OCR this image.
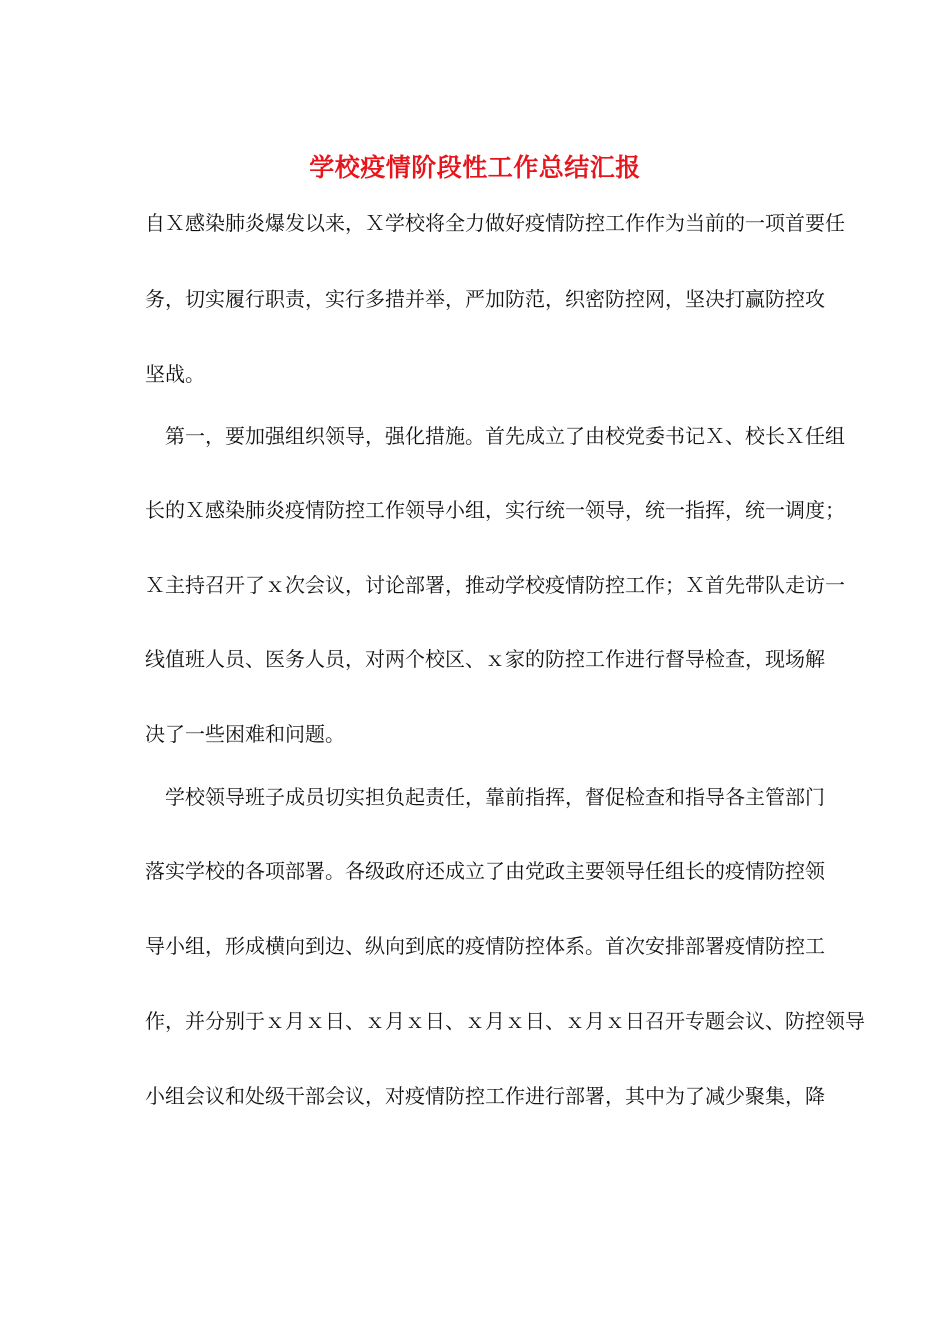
学校疫情阶段性工作总结汇报
自Ｘ感染肺炎爆发以来，Ｘ学校将全力做好疫情防控工作作为当前的一项首要任
务，切实履行职责，实行多措并举，严加防范，织密防控网，坚决打赢防控攻
坚战。
第一，要加强组织领导，强化措施。首先成立了由校党委书记Ｘ、校长Ｘ任组
长的Ｘ感染肺炎疫情防控工作领导小组，实行统一领导，统一指挥，统一调度；
Ｘ主持召开了ｘ次会议，讨论部署，推动学校疫情防控工作；Ｘ首先带队走访一
线值班人员、医务人员，对两个校区、ｘ家的防控工作进行督导检查，现场解
决了一些困难和问题。
学校领导班子成员切实担负起责任，靠前指挥，督促检查和指导各主管部门
落实学校的各项部署。各级政府还成立了由党政主要领导任组长的疫情防控领
导小组，形成横向到边、纵向到底的疫情防控体系。首次安排部署疫情防控工
作，并分别于ｘ月ｘ日、ｘ月ｘ日、ｘ月ｘ日、ｘ月ｘ日召开专题会议、防控领导
小组会议和处级干部会议，对疫情防控工作进行部署，其中为了减少聚集，降
